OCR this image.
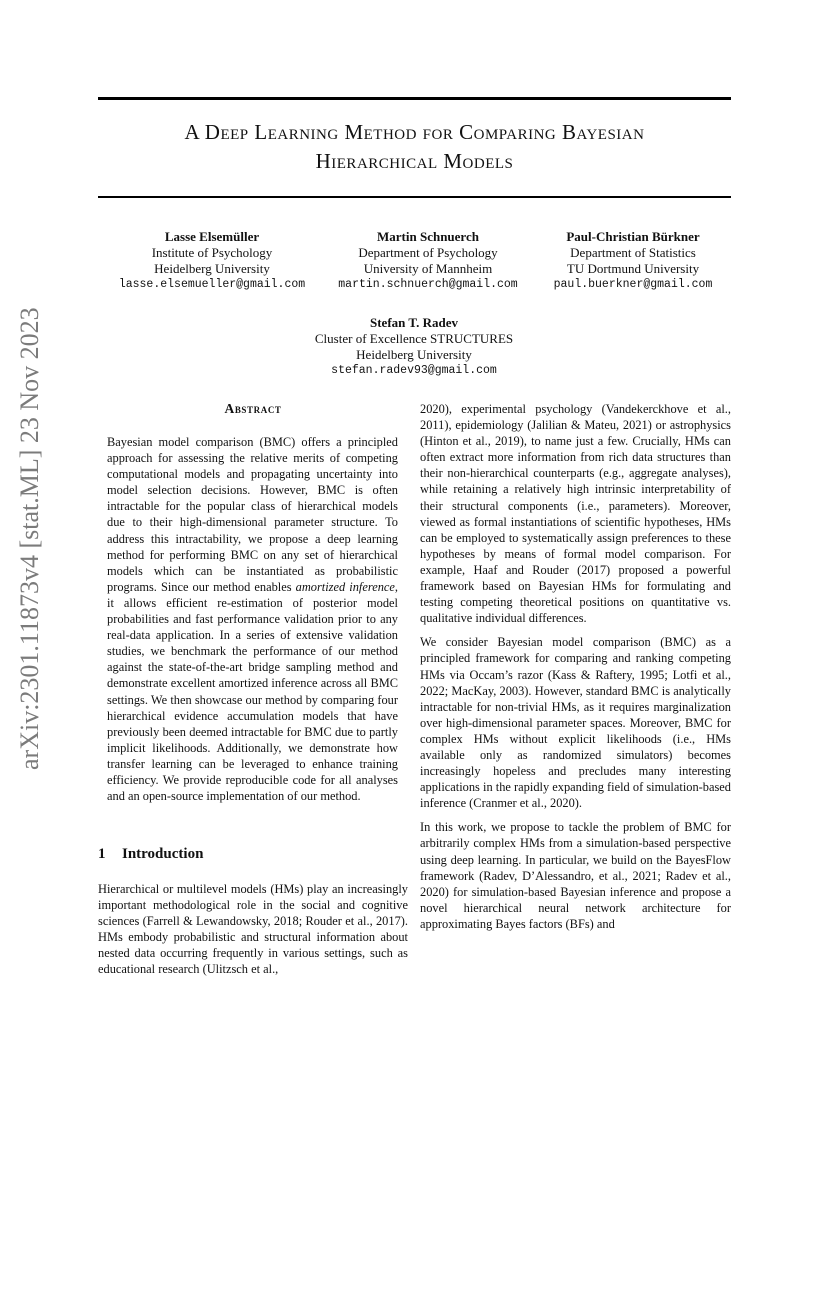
A Deep Learning Method for Comparing Bayesian
Hierarchical Models
arXiv:2301.11873v4 [stat.ML] 23 Nov 2023
Lasse Elsemüller
Institute of Psychology
Heidelberg University
lasse.elsemueller@gmail.com
Martin Schnuerch
Department of Psychology
University of Mannheim
martin.schnuerch@gmail.com
Paul-Christian Bürkner
Department of Statistics
TU Dortmund University
paul.buerkner@gmail.com
Stefan T. Radev
Cluster of Excellence STRUCTURES
Heidelberg University
stefan.radev93@gmail.com
Abstract
Bayesian model comparison (BMC) offers a principled approach for assessing the relative merits of competing computational models and propagating uncertainty into model selection decisions. However, BMC is often intractable for the popular class of hierarchical models due to their high-dimensional parameter structure. To address this intractability, we propose a deep learning method for performing BMC on any set of hierarchical models which can be instantiated as probabilistic programs. Since our method enables amortized inference, it allows efficient re-estimation of posterior model probabilities and fast performance validation prior to any real-data application. In a series of extensive validation studies, we benchmark the performance of our method against the state-of-the-art bridge sampling method and demonstrate excellent amortized inference across all BMC settings. We then showcase our method by comparing four hierarchical evidence accumulation models that have previously been deemed intractable for BMC due to partly implicit likelihoods. Additionally, we demonstrate how transfer learning can be leveraged to enhance training efficiency. We provide reproducible code for all analyses and an open-source implementation of our method.
1 Introduction

Hierarchical or multilevel models (HMs) play an increasingly important methodological role in the social and cognitive sciences (Farrell & Lewandowsky, 2018; Rouder et al., 2017). HMs embody probabilistic and structural information about nested data occurring frequently in various settings, such as educational research (Ulitzsch et al.,

2020), experimental psychology (Vandekerckhove et al., 2011), epidemiology (Jalilian & Mateu, 2021) or astrophysics (Hinton et al., 2019), to name just a few. Crucially, HMs can often extract more information from rich data structures than their non-hierarchical counterparts (e.g., aggregate analyses), while retaining a relatively high intrinsic interpretability of their structural components (i.e., parameters). Moreover, viewed as formal instantiations of scientific hypotheses, HMs can be employed to systematically assign preferences to these hypotheses by means of formal model comparison. For example, Haaf and Rouder (2017) proposed a powerful framework based on Bayesian HMs for formulating and testing competing theoretical positions on quantitative vs. qualitative individual differences.

We consider Bayesian model comparison (BMC) as a principled framework for comparing and ranking competing HMs via Occam’s razor (Kass & Raftery, 1995; Lotfi et al., 2022; MacKay, 2003). However, standard BMC is analytically intractable for non-trivial HMs, as it requires marginalization over high-dimensional parameter spaces. Moreover, BMC for complex HMs without explicit likelihoods (i.e., HMs available only as randomized simulators) becomes increasingly hopeless and precludes many interesting applications in the rapidly expanding field of simulation-based inference (Cranmer et al., 2020).

In this work, we propose to tackle the problem of BMC for arbitrarily complex HMs from a simulation-based perspective using deep learning. In particular, we build on the BayesFlow framework (Radev, D’Alessandro, et al., 2021; Radev et al., 2020) for simulation-based Bayesian inference and propose a novel hierarchical neural network architecture for approximating Bayes factors (BFs) and
